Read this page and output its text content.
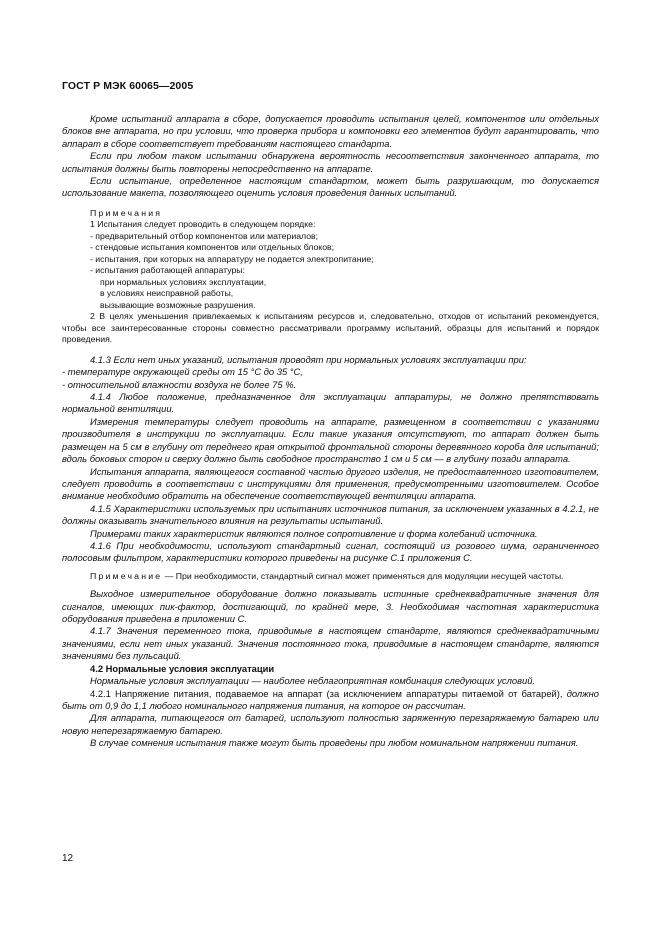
ГОСТ Р МЭК 60065—2005

Кроме испытаний аппарата в сборе, допускается проводить испытания целей, компонентов или отдельных блоков вне аппарата, но при условии, что проверка прибора и компоновки его элементов будут гарантировать, что аппарат в сборе соответствует требованиям настоящего стандарта.

Если при любом таком испытании обнаружена вероятность несоответствия законченного аппарата, то испытания должны быть повторены непосредственно на аппарате.

Если испытание, определенное настоящим стандартом, может быть разрушающим, то допускается использование макета, позволяющего оценить условия проведения данных испытаний.

Примечания

1 Испытания следует проводить в следующем порядке:

- предварительный отбор компонентов или материалов;

- стендовые испытания компонентов или отдельных блоков;

- испытания, при которых на аппаратуру не подается электропитание;

- испытания работающей аппаратуры:

при нормальных условиях эксплуатации,

в условиях неисправной работы,

вызывающие возможные разрушения.

2 В целях уменьшения привлекаемых к испытаниям ресурсов и, следовательно, отходов от испытаний рекомендуется, чтобы все заинтересованные стороны совместно рассматривали программу испытаний, образцы для испытаний и порядок проведения.

4.1.3 Если нет иных указаний, испытания проводят при нормальных условиях эксплуатации при:

- температуре окружающей среды от 15 °С до 35 °С,

- относительной влажности воздуха не более 75 %.

4.1.4 Любое положение, предназначенное для эксплуатации аппаратуры, не должно препятствовать нормальной вентиляции.

Измерения температуры следует проводить на аппарате, размещенном в соответствии с указаниями производителя в инструкции по эксплуатации. Если такие указания отсутствуют, то аппарат должен быть размещен на 5 см в глубину от переднего края открытой фронтальной стороны деревянного короба для испытаний; вдоль боковых сторон и сверху должно быть свободное пространство 1 см и 5 см — в глубину позади аппарата.

Испытания аппарата, являющегося составной частью другого изделия, не предоставленного изготовителем, следует проводить в соответствии с инструкциями для применения, предусмотренными изготовителем. Особое внимание необходимо обратить на обеспечение соответствующей вентиляции аппарата.

4.1.5 Характеристики используемых при испытаниях источников питания, за исключением указанных в 4.2.1, не должны оказывать значительного влияния на результаты испытаний.

Примерами таких характеристик являются полное сопротивление и форма колебаний источника.

4.1.6 При необходимости, используют стандартный сигнал, состоящий из розового шума, ограниченного полосовым фильтром, характеристики которого приведены на рисунке С.1 приложения С.

Примечание — При необходимости, стандартный сигнал может применяться для модуляции несущей частоты.

Выходное измерительное оборудование должно показывать истинные среднеквадратичные значения для сигналов, имеющих пик-фактор, достигающий, по крайней мере, 3. Необходимая частотная характеристика оборудования приведена в приложении С.

4.1.7 Значения переменного тока, приводимые в настоящем стандарте, являются среднеквадратичными значениями, если нет иных указаний. Значения постоянного тока, приводимые в настоящем стандарте, являются значениями без пульсаций.

4.2 Нормальные условия эксплуатации

Нормальные условия эксплуатации — наиболее неблагоприятная комбинация следующих условий.

4.2.1 Напряжение питания, подаваемое на аппарат (за исключением аппаратуры питаемой от батарей), должно быть от 0,9 до 1,1 любого номинального напряжения питания, на которое он рассчитан.

Для аппарата, питающегося от батарей, используют полностью заряженную перезаряжаемую батарею или новую неперезаряжаемую батарею.

В случае сомнения испытания также могут быть проведены при любом номинальном напряжении питания.

12
